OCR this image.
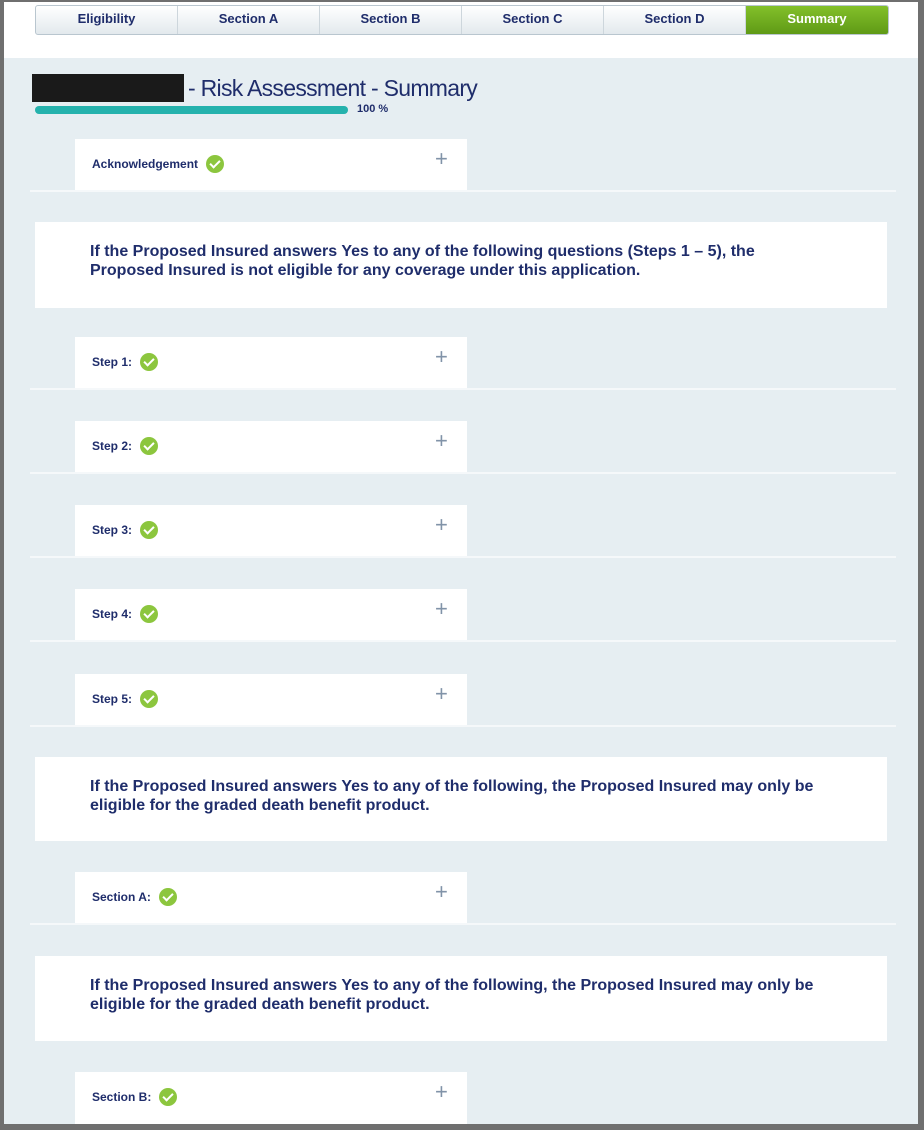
Eligibility	Section A	Section B	Section C	Section D	Summary
- Risk Assessment - Summary
100 %
Acknowledgement	+
If the Proposed Insured answers Yes to any of the following questions (Steps 1 – 5), the Proposed Insured is not eligible for any coverage under this application.
Step 1:	+
Step 2:	+
Step 3:	+
Step 4:	+
Step 5:	+
If the Proposed Insured answers Yes to any of the following, the Proposed Insured may only be eligible for the graded death benefit product.
Section A:	+
If the Proposed Insured answers Yes to any of the following, the Proposed Insured may only be eligible for the graded death benefit product.
Section B:	+
